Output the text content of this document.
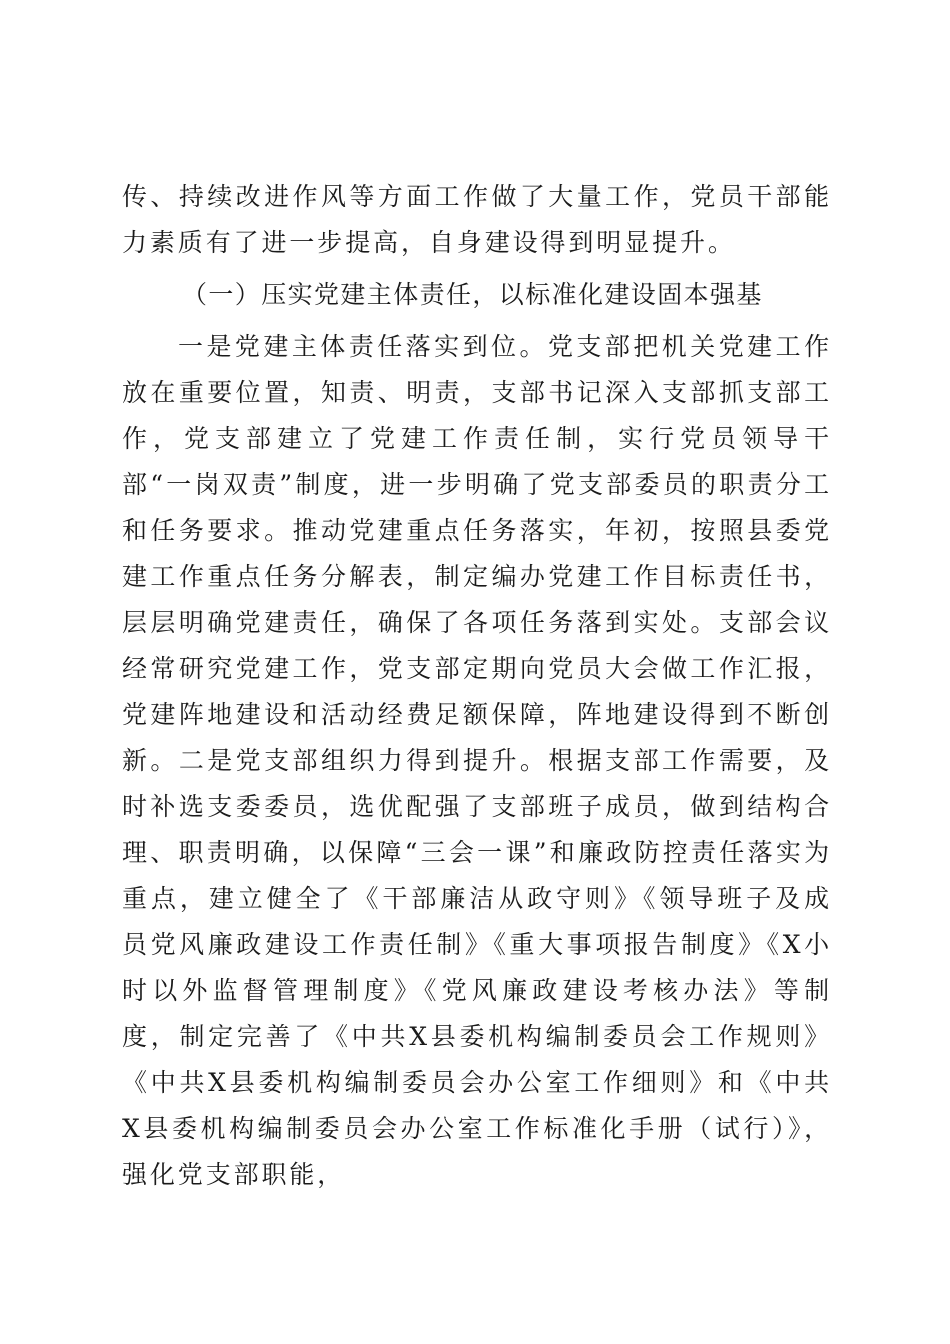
传、持续改进作风等方面工作做了大量工作，党员干部能力素质有了进一步提高，自身建设得到明显提升。

（一）压实党建主体责任，以标准化建设固本强基

一是党建主体责任落实到位。党支部把机关党建工作放在重要位置，知责、明责，支部书记深入支部抓支部工作，党支部建立了党建工作责任制，实行党员领导干部“一岗双责”制度，进一步明确了党支部委员的职责分工和任务要求。推动党建重点任务落实，年初，按照县委党建工作重点任务分解表，制定编办党建工作目标责任书，层层明确党建责任，确保了各项任务落到实处。支部会议经常研究党建工作，党支部定期向党员大会做工作汇报，党建阵地建设和活动经费足额保障，阵地建设得到不断创新。二是党支部组织力得到提升。根据支部工作需要，及时补选支委委员，选优配强了支部班子成员，做到结构合理、职责明确，以保障“三会一课”和廉政防控责任落实为重点，建立健全了《干部廉洁从政守则》《领导班子及成员党风廉政建设工作责任制》《重大事项报告制度》《X小时以外监督管理制度》《党风廉政建设考核办法》等制度，制定完善了《中共X县委机构编制委员会工作规则》《中共X县委机构编制委员会办公室工作细则》和《中共X县委机构编制委员会办公室工作标准化手册（试行）》，强化党支部职能，
